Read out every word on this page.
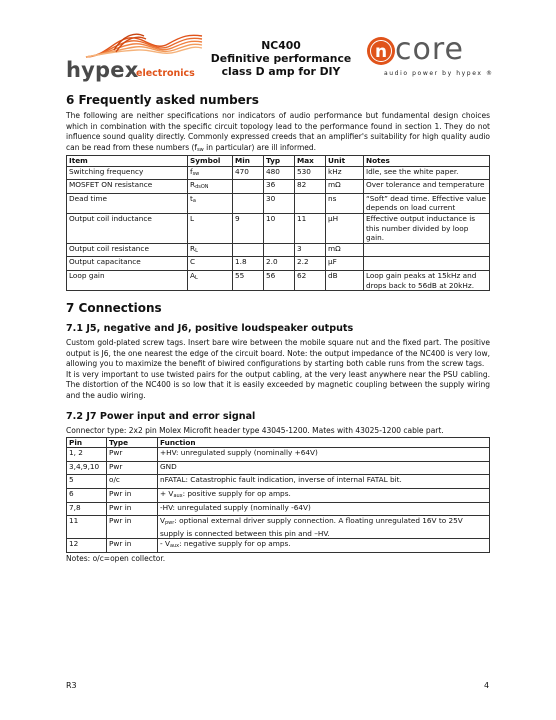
hypex
electronics
NC400
Definitive performance
class D amp for DIY
n core
audio power by hypex ®
6 Frequently asked numbers

The following are neither specifications nor indicators of audio performance but fundamental design choices which in combination with the specific circuit topology lead to the performance found in section 1. They do not influence sound quality directly. Commonly expressed creeds that an amplifier's suitability for high quality audio can be read from these numbers ($f_{sw}$ in particular) are ill informed.

Item	Symbol	Min	Typ	Max	Unit	Notes
Switching frequency	$f_{sw}$	470	480	530	kHz	Idle, see the white paper.
MOSFET ON resistance	$R_{dsON}$		36	82	mΩ	Over tolerance and temperature
Dead time	$t_a$		30		ns	“Soft” dead time. Effective value depends on load current
Output coil inductance	L	9	10	11	µH	Effective output inductance is this number divided by loop gain.
Output coil resistance	$R_L$			3	mΩ	
Output capacitance	C	1.8	2.0	2.2	µF	
Loop gain	$A_L$	55	56	62	dB	Loop gain peaks at 15kHz and drops back to 56dB at 20kHz.
7 Connections
7.1 J5, negative and J6, positive loudspeaker outputs

Custom gold-plated screw tags. Insert bare wire between the mobile square nut and the fixed part. The positive output is J6, the one nearest the edge of the circuit board. Note: the output impedance of the NC400 is very low, allowing you to maximize the benefit of biwired configurations by starting both cable runs from the screw tags.

It is very important to use twisted pairs for the output cabling, at the very least anywhere near the PSU cabling. The distortion of the NC400 is so low that it is easily exceeded by magnetic coupling between the supply wiring and the audio wiring.

7.2 J7 Power input and error signal

Connector type: 2x2 pin Molex Microfit header type 43045-1200. Mates with 43025-1200 cable part.

Pin	Type	Function
1, 2	Pwr	+HV: unregulated supply (nominally +64V)
3,4,9,10	Pwr	GND
5	o/c	nFATAL: Catastrophic fault indication, inverse of internal FATAL bit.
6	Pwr in	+ $V_{aux}$: positive supply for op amps.
7,8	Pwr in	-HV: unregulated supply (nominally -64V)
11	Pwr in	$V_{pwr}$: optional external driver supply connection. A floating unregulated 16V to 25V supply is connected between this pin and –HV.
12	Pwr in	- $V_{aux}$: negative supply for op amps.

Notes: o/c=open collector.

R3	4
